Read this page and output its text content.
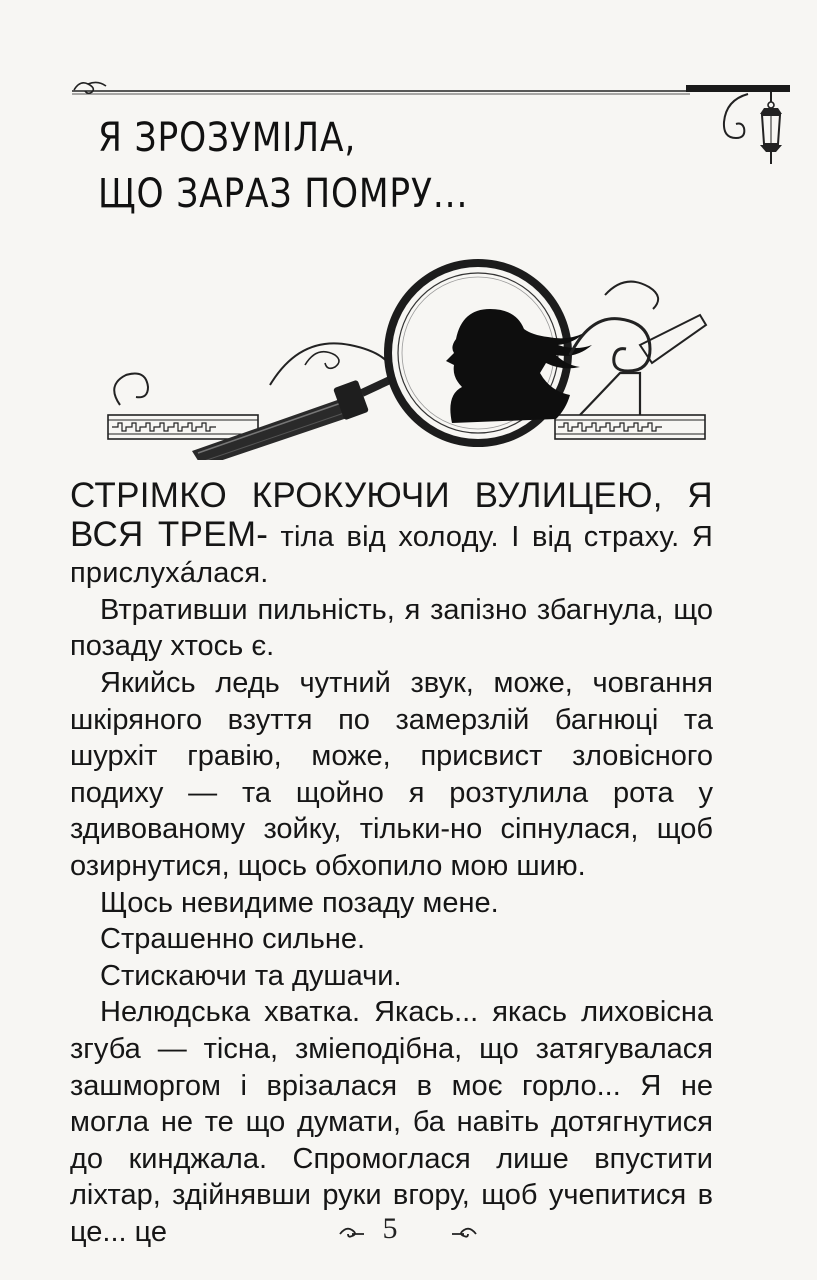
Я ЗРОЗУМІЛА,
ЩО ЗАРАЗ ПОМРУ...

СТРІМКО КРОКУЮЧИ ВУЛИЦЕЮ, Я ВСЯ ТРЕМ- тіла від холоду. І від страху. Я прислухáлася.

Втративши пильність, я запізно збагнула, що позаду хтось є.

Якийсь ледь чутний звук, може, човгання шкіряного взуття по замерзлій багнюці та шурхіт гравію, може, присвист зловісного подиху — та щойно я розтулила рота у здивованому зойку, тільки-но сіпнулася, щоб озирнутися, щось обхопило мою шию.

Щось невидиме позаду мене.

Страшенно сильне.

Стискаючи та душачи.

Нелюдська хватка. Якась... якась лиховісна згуба — тісна, зміеподібна, що затягувалася зашморгом і врізалася в моє горло... Я не могла не те що думати, ба навіть дотягнутися до кинджала. Спромоглася лише впустити ліхтар, здійнявши руки вгору, щоб учепитися в це... це	5
